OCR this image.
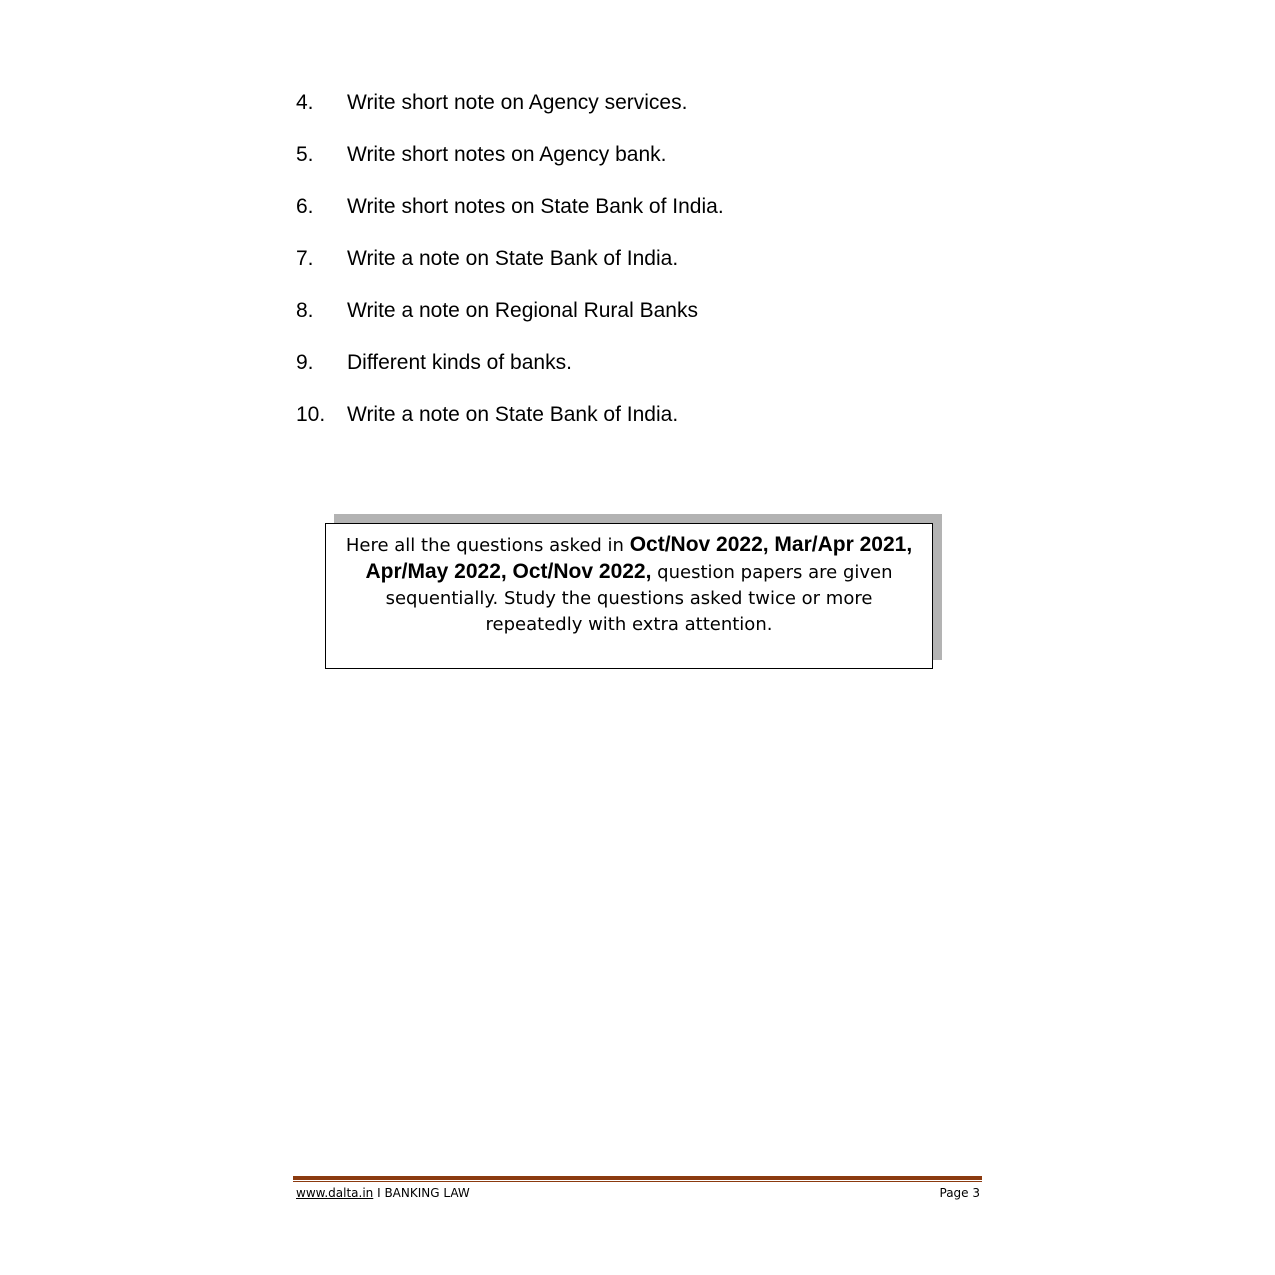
4.	Write short note on Agency services.
5.	Write short notes on Agency bank.
6.	Write short notes on State Bank of India.
7.	Write a note on State Bank of India.
8.	Write a note on Regional Rural Banks
9.	Different kinds of banks.
10.	Write a note on State Bank of India.
Here all the questions asked in Oct/Nov 2022, Mar/Apr 2021, Apr/May 2022, Oct/Nov 2022, question papers are given sequentially. Study the questions asked twice or more repeatedly with extra attention.
www.dalta.in I BANKING LAW	Page 3
